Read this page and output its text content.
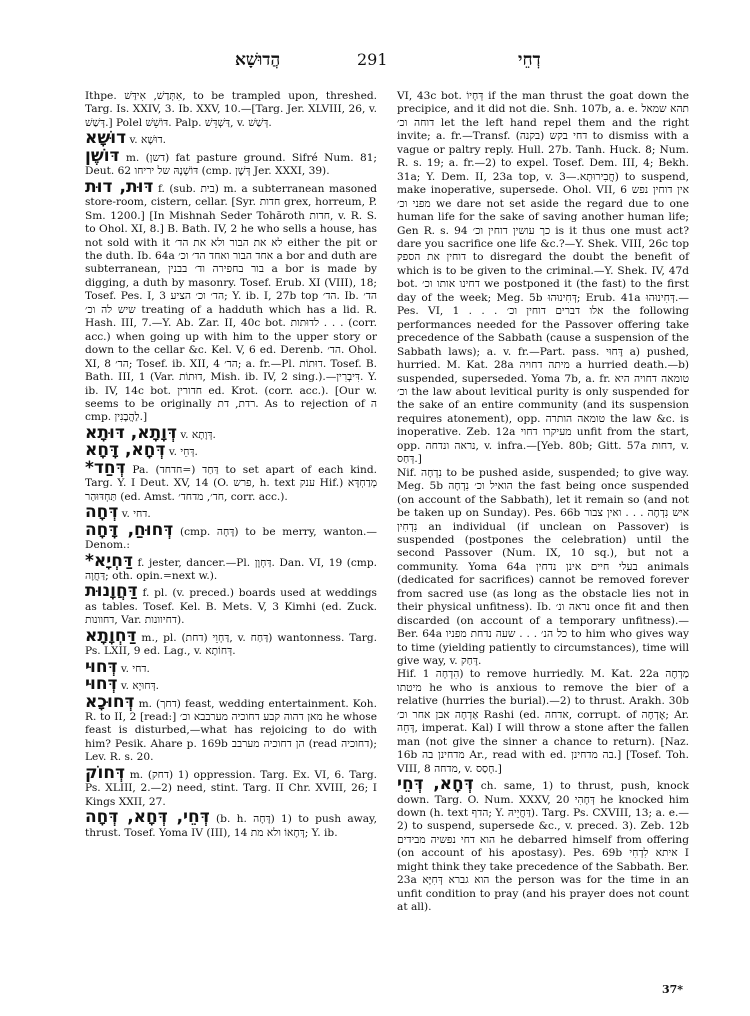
הֲדוּשָׁא	291	דְחֵי

Ithpe. אִתְּדַשׁ, אִידַּשׁ, to be trampled upon, threshed. Targ. Is. XXIV, 3. Ib. XXV, 10.—[Targ. Jer. XLVIII, 26, v. דְּשַׁשׁ.] Polel דּוֹשֵׁשׁ. Palp. דַּשְׁדֵּשׁ, v. דְּשַׁשׁ.

דוּשָׁא v. דוּשָׁא.

דּוֹשֶׁן m. (דשן) fat pasture ground. Sifré Num. 81; Deut. 62 דּוֹשְׁנָהּ של יריחו (cmp. דְּשֶׁן Jer. XXXI, 39).

דּוּת, דוּת f. (sub. בית) m. a subterranean masoned store-room, cistern, cellar. [Syr. חדות grex, horreum, P. Sm. 1200.] [In Mishnah Seder Tohăroth חדות, v. R. S. to Ohol. XI, 8.] B. Bath. IV, 2 he who sells a house, has not sold with it לא את הבור ולא את הד׳ either the pit or the duth. Ib. 64a אחד הבור ואחד הד׳ וכ׳ a bor and duth are subterranean, בור בחפירה וד׳ בבנין a bor is made by digging, a duth by masonry. Tosef. Erub. XI (VIII), 18; Tosef. Pes. I, 3 הד׳ וכ׳ הציע; Y. ib. I, 27b top הד׳. Ib. הד׳ שיש לה וכ׳ treating of a hadduth which has a lid. R. Hash. III, 7.—Y. Ab. Zar. II, 40c bot. לדוּתות . . . (corr. acc.) when going up with him to the upper story or down to the cellar &c. Kel. V, 6 ed. Derenb. הד׳. Ohol. XI, 8 הד׳; Tosef. ib. XII, 4 הד׳; a. fr.—Pl. דוּתוֹת. Tosef. B. Bath. III, 1 (Var. דוּתוֹת, Mish. ib. IV, 2 sing.).—דִּיבְרִין. Y. ib. IV, 14c bot. חדורין ed. Krot. (corr. acc.). [Our w. seems to be originally רדת, דת. As to rejection of ה cmp. לַהֲבָנִין.]

דְּוָתָא, דּוּתָא v. דְּוָתָא.

דְּחָא, דָּחָא v. דְּחֵי.

*דְּחַד Pa. דַּחַד (=חדחד) to set apart of each kind. Targ. Y. I Deut. XV, 14 (O. פרש, h. text ענק Hif.) מְדַחְדָּא תַּחְדּוּהַר (ed. Amst. חד׳, מדחד׳, corr. acc.).

דְּחָה v. דחי.

דְּחוּחַ, דָּחָה (cmp. דָּחָה) to be merry, wanton.—Denom.:

*דַּחְיָא f. jester, dancer.—Pl. דַּחְוָן. Dan. VI, 19 (cmp. דַּחֲוָה; oth. opin.=next w.).

דַּחֲוָנוּת f. pl. (v. preced.) boards used at weddings as tables. Tosef. Kel. B. Mets. V, 3 Kimhi (ed. Zuck. דחוונות, Var. דחיוונות).

דַּחְוָתָא m., pl. דַּחְוֵי (דחת), v. דַּחַח) wantonness. Targ. Ps. LXII, 9 ed. Lag., v. דְּחוֹתָא.

דְּחוּי v. דחי.

דְּחוּי v. דְּחוּיָא.

דְּחוּכָא m. (דחך) feast, wedding entertainment. Koh. R. to II, 2 [read:] מאן דהוה קבע דחוכיה מערבבא וכ׳ he whose feast is disturbed,—what has rejoicing to do with him? Pesik. Ahare p. 169b הן דחוכיה מערבב (read דחוכיה); Lev. R. s. 20.

דְּחוֹק m. (דחק) 1) oppression. Targ. Ex. VI, 6. Targ. Ps. XLIII, 2.—2) need, stint. Targ. II Chr. XVIII, 26; I Kings XXII, 27.

דְּחֵי, דְּחָא, דְּחָה (b. h. דָּחָה) 1) to push away, thrust. Tosef. Yoma IV (III), 14 דְּחָאוֹ ולא מת; Y. ib.

VI, 43c bot. דְּחָיוֹ if the man thrust the goat down the precipice, and it did not die. Snh. 107b, a. e. תהא שמאל דוחה וכ׳ let the left hand repel them and the right invite; a. fr.—Transf. דחי בקש (בקנה) to dismiss with a vague or paltry reply. Hull. 27b. Tanh. Huck. 8; Num. R. s. 19; a. fr.—2) to expel. Tosef. Dem. III, 4; Bekh. 31a; Y. Dem. II, 23a top, v. חֲבִירוּתָא.—3) to suspend, make inoperative, supersede. Ohol. VII, 6 אין דוחין נפש מפני וכ׳ we dare not set aside the regard due to one human life for the sake of saving another human life; Gen R. s. 94 כך עושין דוחין וכ׳ is it thus one must act? dare you sacrifice one life &c.?—Y. Shek. VIII, 26c top דוחין את הספק to disregard the doubt the benefit of which is to be given to the criminal.—Y. Shek. IV, 47d bot. דחינו אותו וכ׳ we postponed it (the fast) to the first day of the week; Meg. 5b דְּחִינוּהוּ; Erub. 41a דְּחִינוּהוּ.—Pes. VI, 1 . . . אלו דברים דוחין וכ׳ the following performances needed for the Passover offering take precedence of the Sabbath (cause a suspension of the Sabbath laws); a. v. fr.—Part. pass. דָּחוּי a) pushed, hurried. M. Kat. 28a מיתה דחויה a hurried death.—b) suspended, superseded. Yoma 7b, a. fr. טומאה דחויה היא וכ׳ the law about levitical purity is only suspended for the sake of an entire community (and its suspension requires atonement), opp. טומאה הותרה the law &c. is inoperative. Zeb. 12a מעיקרו דחוי unfit from the start, opp. נראה ונדחה, v. infra.—[Yeb. 80b; Gitt. 57a דחות, v. דְּחַס.]

Nif. נִדְחָה to be pushed aside, suspended; to give way. Meg. 5b הואיל וכ׳ נִדְחָה the fast being once suspended (on account of the Sabbath), let it remain so (and not be taken up on Sunday). Pes. 66b איש נִדְחֶה . . . ואין צבור נִדְחִין an individual (if unclean on Passover) is suspended (postpones the celebration) until the second Passover (Num. IX, 10 sq.), but not a community. Yoma 64a בעלי חיים אינן נדחין animals (dedicated for sacrifices) cannot be removed forever from sacred use (as long as the obstacle lies not in their physical unfitness). Ib. נראה ונ׳ once fit and then discarded (on account of a temporary unfitness).—Ber. 64a כל הנ׳ . . . שעה נדחת מפניו to him who gives way to time (yielding patiently to circumstances), time will give way, v. דָּחַק.

Hif. הִדְחָה 1) to remove hurriedly. M. Kat. 22a מַדְחֶה מיטתו he who is anxious to remove the bier of a relative (hurries the burial).—2) to thrust. Arakh. 30b אַדְחָה אבן אחר וכ׳ Rashi (ed. אדחה, corrupt. of אֶדְחֶה; Ar. דְּחֵה, imperat. Kal) I will throw a stone after the fallen man (not give the sinner a chance to return). [Naz. 16b מדחינן בה Ar., read with ed. בה מדחינן.] [Tosef. Toh. VIII, 8 מדחה, v. חָסַס.]

דְּחָא, דְּחֵי ch. same, 1) to thrust, push, knock down. Targ. O. Num. XXXV, 20 דְּחָהִי he knocked him down (h. text הדף; Y. דַּחֲיֵיהּ). Targ. Ps. CXVIII, 13; a. e.—2) to suspend, supersede &c., v. preced. 3). Zeb. 12b הוא דחי נפשיה מבידים he debarred himself from offering (on account of his apostasy). Pes. 69b איתא לִדְחִי I might think they take precedence of the Sabbath. Ber. 23a הוא גברא דְּחִיָּא the person was for the time in an unfit condition to pray (and his prayer does not count at all).

37*
